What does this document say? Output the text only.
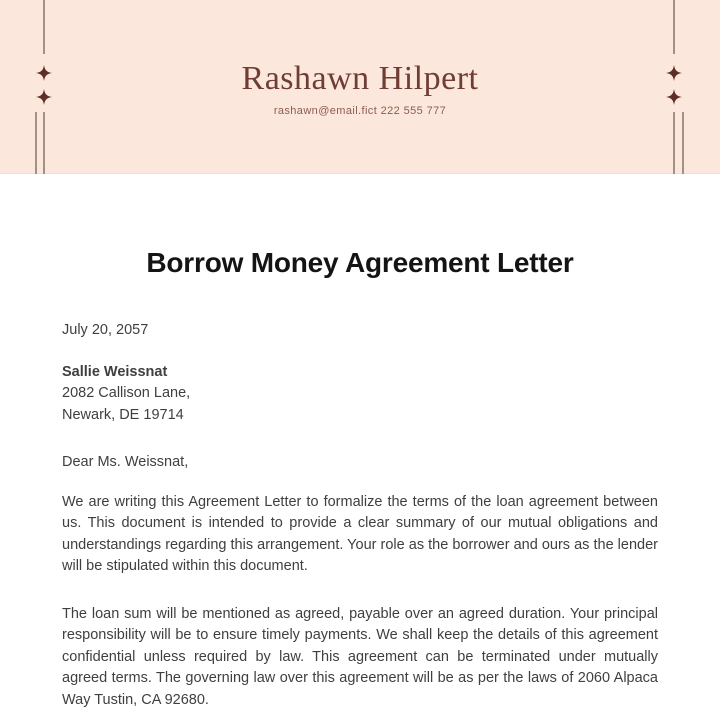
Rashawn Hilpert
rashawn@email.fict 222 555 777
Borrow Money Agreement Letter
July 20, 2057
Sallie Weissnat
2082 Callison Lane,
Newark, DE 19714
Dear Ms. Weissnat,

We are writing this Agreement Letter to formalize the terms of the loan agreement between us. This document is intended to provide a clear summary of our mutual obligations and understandings regarding this arrangement. Your role as the borrower and ours as the lender will be stipulated within this document.

The loan sum will be mentioned as agreed, payable over an agreed duration. Your principal responsibility will be to ensure timely payments. We shall keep the details of this agreement confidential unless required by law. This agreement can be terminated under mutually agreed terms. The governing law over this agreement will be as per the laws of 2060 Alpaca Way Tustin, CA 92680.
